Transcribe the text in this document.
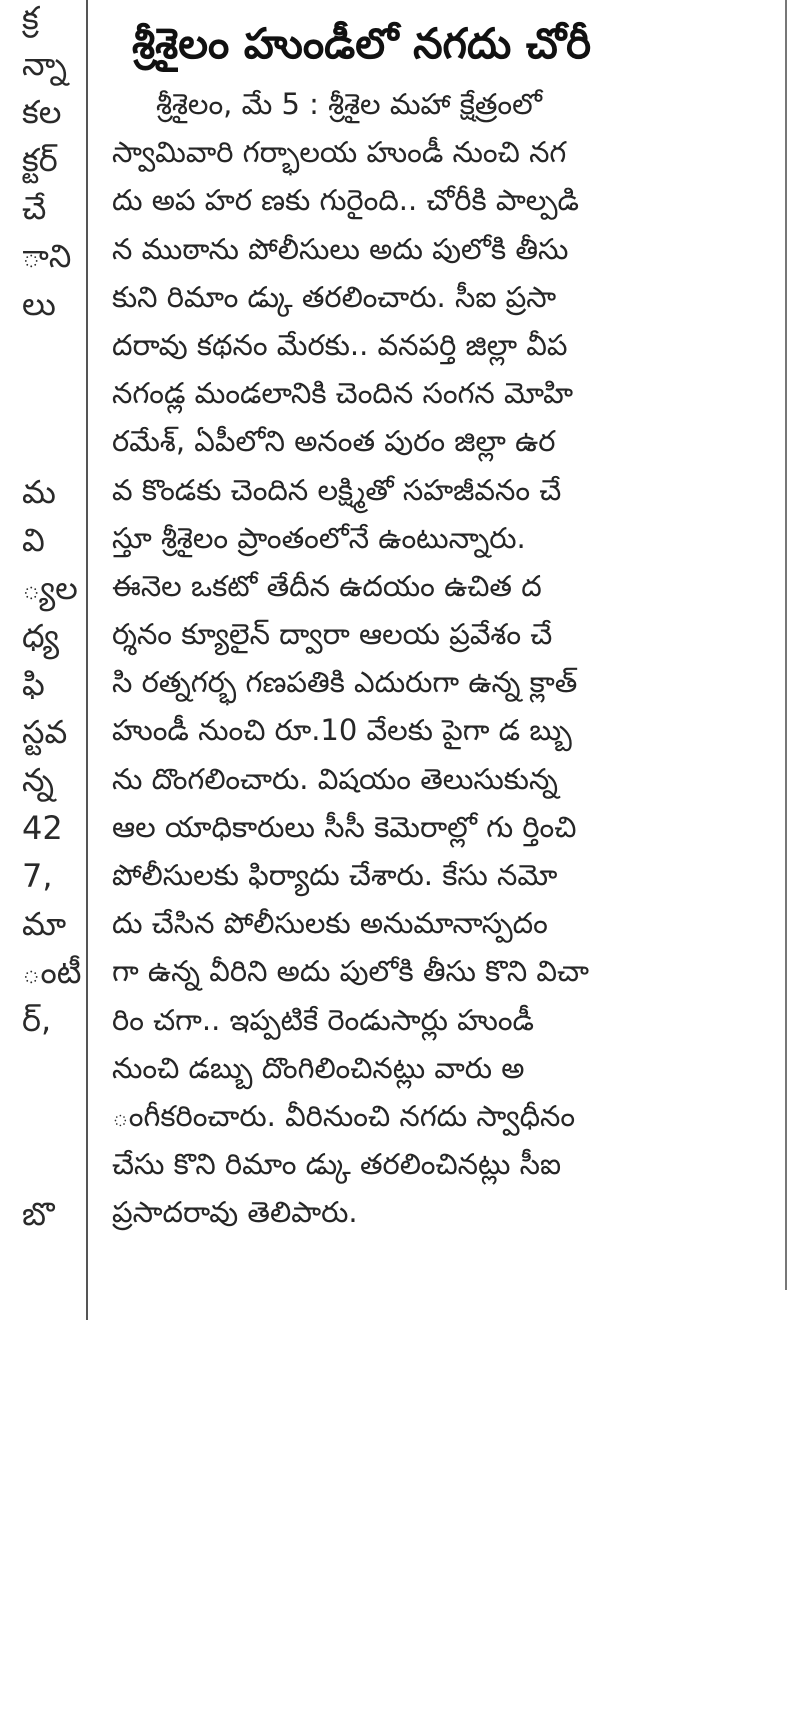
క్ర
న్నా
కల
క్టర్
చే
ాని
లు
మ
వి
్యల
ధ్య
ఫి
స్టవ
న్న
42
7,
మా
ంటీ
ర్,
బొ
శ్రీశైలం హుండీలో నగదు చోరీ
శ్రీశైలం, మే 5 : శ్రీశైల మహా క్షేత్రంలో
స్వామివారి గర్భాలయ హుండీ నుంచి నగ
దు అప హర ణకు గురైంది.. చోరీకి పాల్పడి
న ముఠాను పోలీసులు అదు పులోకి తీసు
కుని రిమాం డ్కు తరలించారు. సీఐ ప్రసా
దరావు కథనం మేరకు.. వనపర్తి జిల్లా వీప
నగండ్ల మండలానికి చెందిన సంగన మోహి
రమేశ్, ఏపీలోని అనంత పురం జిల్లా ఉర
వ కొండకు చెందిన లక్ష్మితో సహజీవనం చే
స్తూ శ్రీశైలం ప్రాంతంలోనే ఉంటున్నారు.
ఈనెల ఒకటో తేదీన ఉదయం ఉచిత ద
ర్శనం క్యూలైన్ ద్వారా ఆలయ ప్రవేశం చే
సి రత్నగర్భ గణపతికి ఎదురుగా ఉన్న క్లాత్
హుండీ నుంచి రూ.10 వేలకు పైగా డ బ్బు
ను దొంగలించారు. విషయం తెలుసుకున్న
ఆల యాధికారులు సీసీ కెమెరాల్లో గు ర్తించి
పోలీసులకు ఫిర్యాదు చేశారు. కేసు నమో
దు చేసిన పోలీసులకు అనుమానాస్పదం
గా ఉన్న వీరిని అదు పులోకి తీసు కొని విచా
రిం చగా.. ఇప్పటికే రెండుసార్లు హుండీ
నుంచి డబ్బు దొంగిలించినట్లు వారు అ
ంగీకరించారు. వీరినుంచి నగదు స్వాధీనం
చేసు కొని రిమాం డ్కు తరలించినట్లు సీఐ
ప్రసాదరావు తెలిపారు.
